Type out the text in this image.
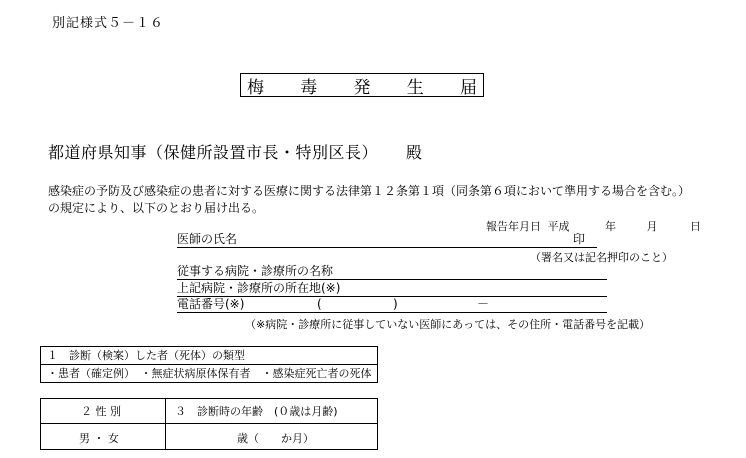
別記様式５－１６
梅 毒 発 生 届
都道府県知事（保健所設置市長・特別区長） 殿
感染症の予防及び感染症の患者に対する医療に関する法律第１２条第１項（同条第６項において準用する場合を含む。）
の規定により、以下のとおり届け出る。
報告年月日 平成	年	月	日
医師の氏名	印
（署名又は記名押印のこと）
従事する病院・診療所の名称
上記病院・診療所の所在地(※)
電話番号(※)	(	)	－
（※病院・診療所に従事していない医師にあっては、その住所・電話番号を記載）
１　診断（検案）した者（死体）の類型
・患者（確定例）　・無症状病原体保有者　・感染症死亡者の死体
２ 性 別	３　診断時の年齢　(０歳は月齢)
男 ・ 女	歳（　　か月）
